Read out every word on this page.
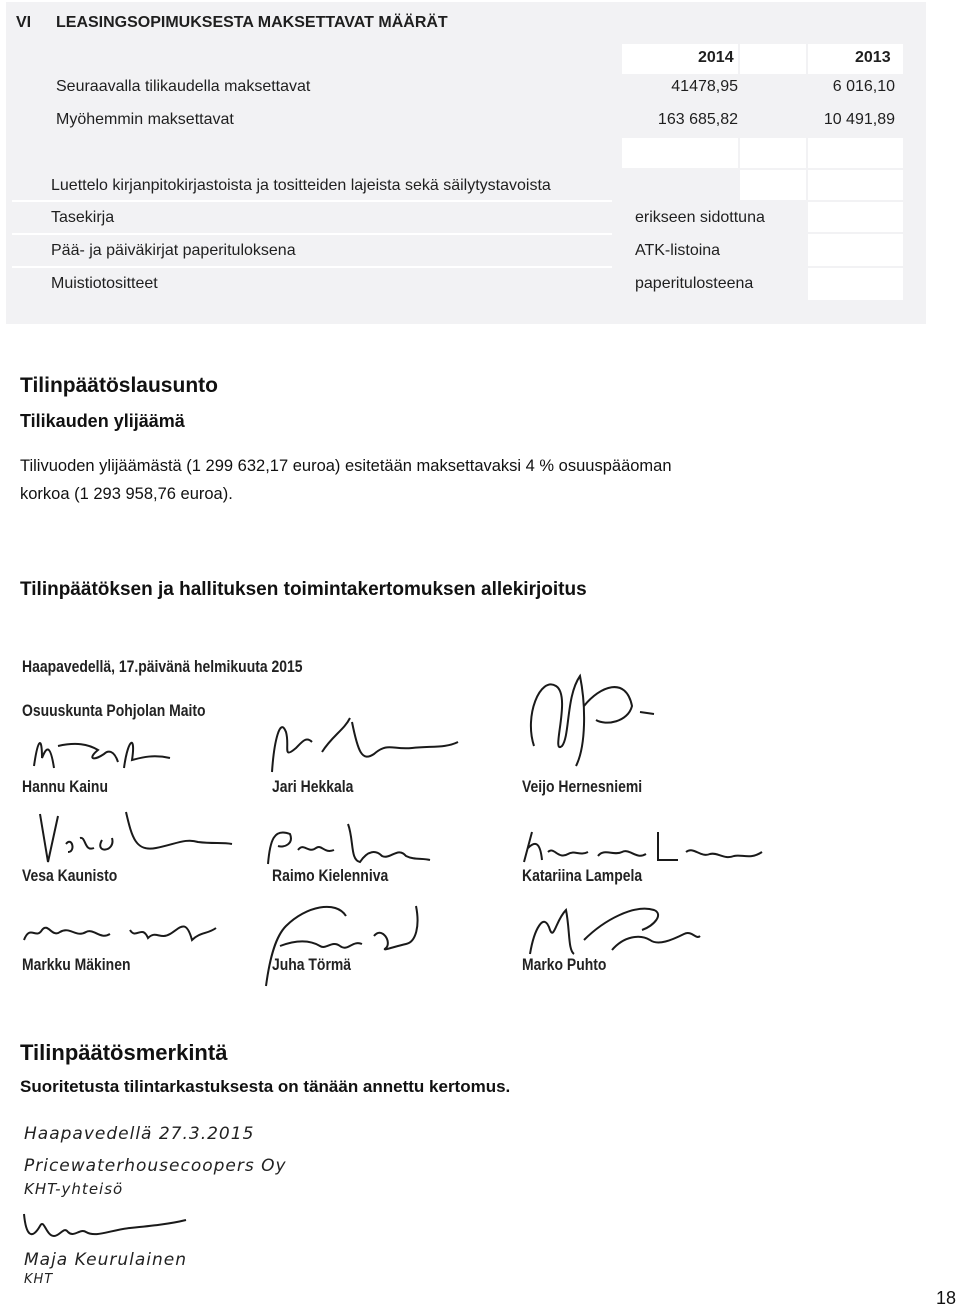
VI LEASINGSOPIMUKSESTA MAKSETTAVAT MÄÄRÄT
2014	2013
Seuraavalla tilikaudella maksettavat	41478,95	6 016,10
Myöhemmin maksettavat	163 685,82	10 491,89
Luettelo kirjanpitokirjastoista ja tositteiden lajeista sekä säilytystavoista
Tasekirja	erikseen sidottuna
Pää- ja päiväkirjat paperituloksena	ATK-listoina
Muistiotositteet	paperitulosteena
Tilinpäätöslausunto
Tilikauden ylijäämä
Tilivuoden ylijäämästä (1 299 632,17 euroa) esitetään maksettavaksi 4 % osuuspääoman
korkoa (1 293 958,76 euroa).
Tilinpäätöksen ja hallituksen toimintakertomuksen allekirjoitus
Haapavedellä, 17.päivänä helmikuuta 2015
Osuuskunta Pohjolan Maito
Hannu Kainu	Jari Hekkala	Veijo Hernesniemi
Vesa Kaunisto	Raimo Kielenniva	Katariina Lampela
Markku Mäkinen	Juha Törmä	Marko Puhto
Tilinpäätösmerkintä
Suoritetusta tilintarkastuksesta on tänään annettu kertomus.
Haapavedellä 27.3.2015
Pricewaterhousecoopers Oy
KHT-yhteisö
Maja Keurulainen
KHT
18
